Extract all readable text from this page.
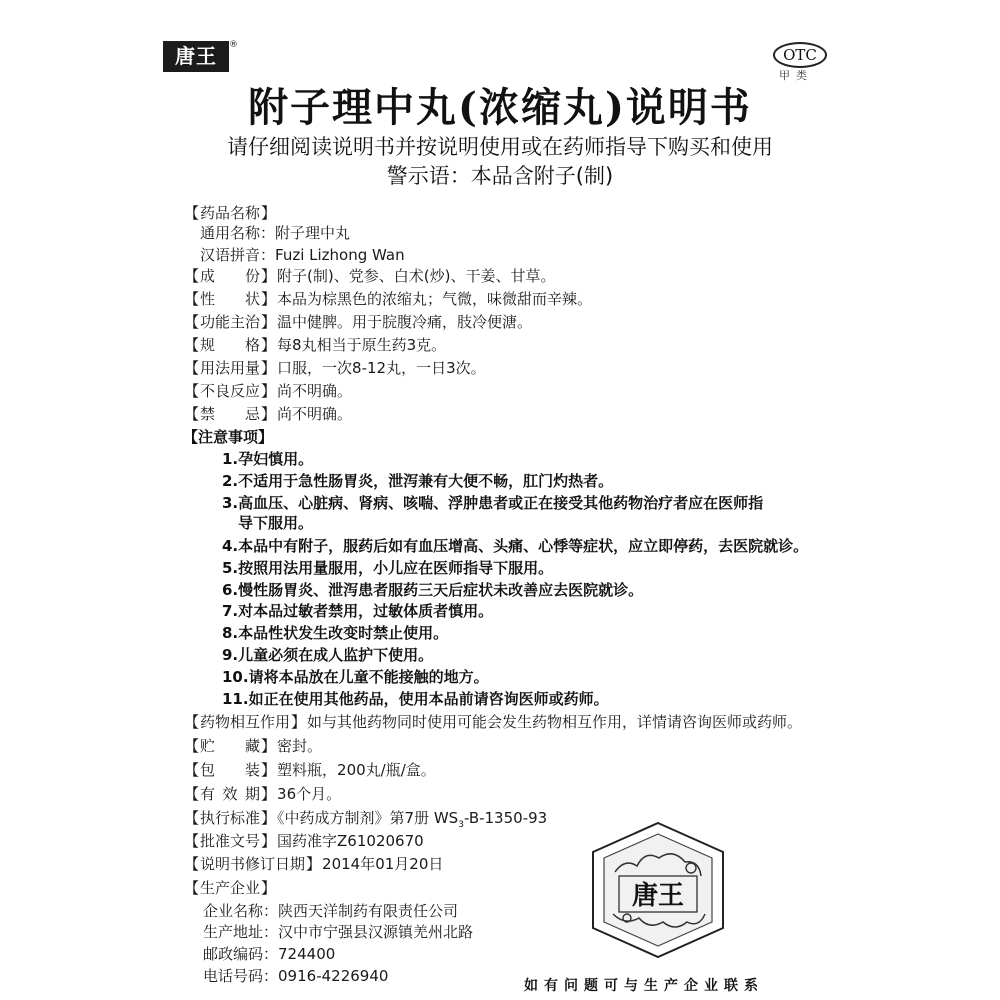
唐王	®
OTC
甲类
附子理中丸(浓缩丸)说明书
请仔细阅读说明书并按说明使用或在药师指导下购买和使用
警示语：本品含附子(制)
【药品名称】
通用名称：附子理中丸
汉语拼音：Fuzi Lizhong Wan
【成份】附子(制)、党参、白术(炒)、干姜、甘草。
【性状】本品为棕黑色的浓缩丸；气微，味微甜而辛辣。
【功能主治】温中健脾。用于脘腹冷痛，肢冷便溏。
【规格】每8丸相当于原生药3克。
【用法用量】口服，一次8-12丸，一日3次。
【不良反应】尚不明确。
【禁忌】尚不明确。
【注意事项】
1.孕妇慎用。
2.不适用于急性肠胃炎，泄泻兼有大便不畅，肛门灼热者。
3.高血压、心脏病、肾病、咳喘、浮肿患者或正在接受其他药物治疗者应在医师指
导下服用。
4.本品中有附子，服药后如有血压增高、头痛、心悸等症状，应立即停药，去医院就诊。
5.按照用法用量服用，小儿应在医师指导下服用。
6.慢性肠胃炎、泄泻患者服药三天后症状未改善应去医院就诊。
7.对本品过敏者禁用，过敏体质者慎用。
8.本品性状发生改变时禁止使用。
9.儿童必须在成人监护下使用。
10.请将本品放在儿童不能接触的地方。
11.如正在使用其他药品，使用本品前请咨询医师或药师。
【药物相互作用】如与其他药物同时使用可能会发生药物相互作用，详情请咨询医师或药师。
【贮藏】密封。
【包装】塑料瓶，200丸/瓶/盒。
【有效期】36个月。
【执行标准】《中药成方制剂》第7册 $WS_3-B-1350-93$
【批准文号】国药准字Z61020670
【说明书修订日期】2014年01月20日
【生产企业】
企业名称：陕西天洋制药有限责任公司
生产地址：汉中市宁强县汉源镇羌州北路
邮政编码：724400
电话号码：0916-4226940
唐王
如有问题可与生产企业联系
